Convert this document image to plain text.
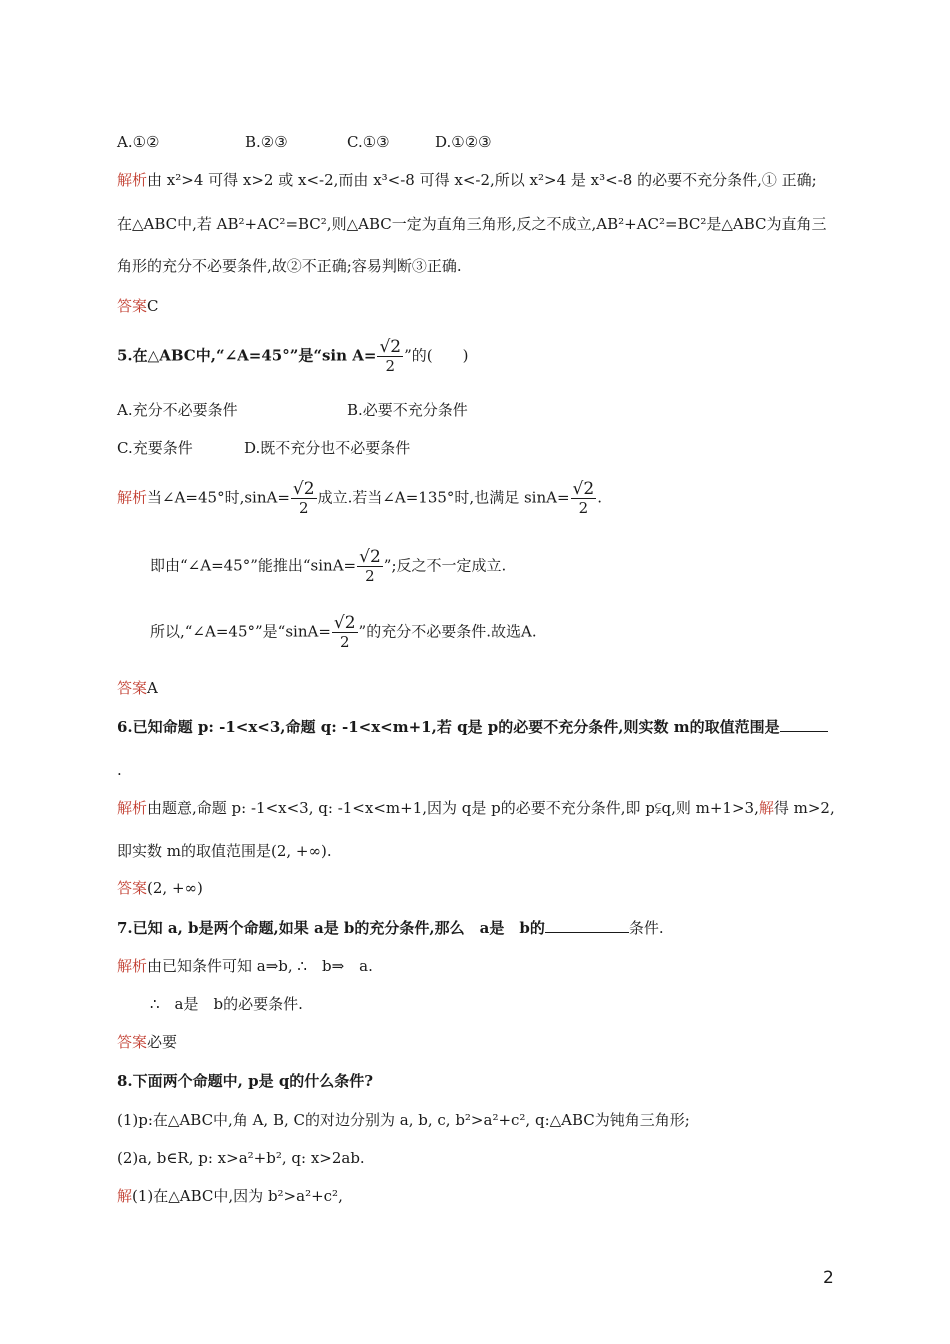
A.①②	B.②③	C.①③	D.①②③
解析由 x²>4 可得 x>2 或 x<-2,而由 x³<-8 可得 x<-2,所以 x²>4 是 x³<-8 的必要不充分条件,① 正确;
在△ABC中,若 AB²+AC²=BC²,则△ABC一定为直角三角形,反之不成立,AB²+AC²=BC²是△ABC为直角三
角形的充分不必要条件,故②不正确;容易判断③正确.
答案C
5.在△ABC中,“∠A=45°”是“sin $A= \frac{√2}{2}$ ”的(　　)
A.充分不必要条件	B.必要不充分条件
C.充要条件	D.既不充分也不必要条件
解析当∠A=45°时$,\sin A= \frac{√2}{2}$ 成立.若当∠A=135°时,也满足 $\sin A= \frac{√2}{2}$ .
即由“∠A=45°”能推出“$\sin A= \frac{√2}{2}$ ”;反之不一定成立.
所以,“∠A=45°”是“$\sin A= \frac{√2}{2}$ ”的充分不必要条件.故选A.
答案A
6.已知命题 p: -1<x<3,命题 q: -1<x<m+1,若 q是 p的必要不充分条件,则实数 m的取值范围是
.
解析由题意,命题 p: -1<x<3, q: -1<x<m+1,因为 q是 p的必要不充分条件,即 p⫋q,则 m+1>3,解得 m>2,
即实数 m的取值范围是(2, +∞).
答案(2, +∞)
7.已知 a, b是两个命题,如果 a是 b的充分条件,那么　a是　b的	条件.
解析由已知条件可知 a⇒b, ∴　b⇒　a.
∴　a是　b的必要条件.
答案必要
8.下面两个命题中, p是 q的什么条件?
(1)p:在△ABC中,角 A, B, C的对边分别为 a, b, c, b²>a²+c², q:△ABC为钝角三角形;
(2)a, b∈R, p: x>a²+b², q: x>2ab.
解(1)在△ABC中,因为 b²>a²+c²,
2
